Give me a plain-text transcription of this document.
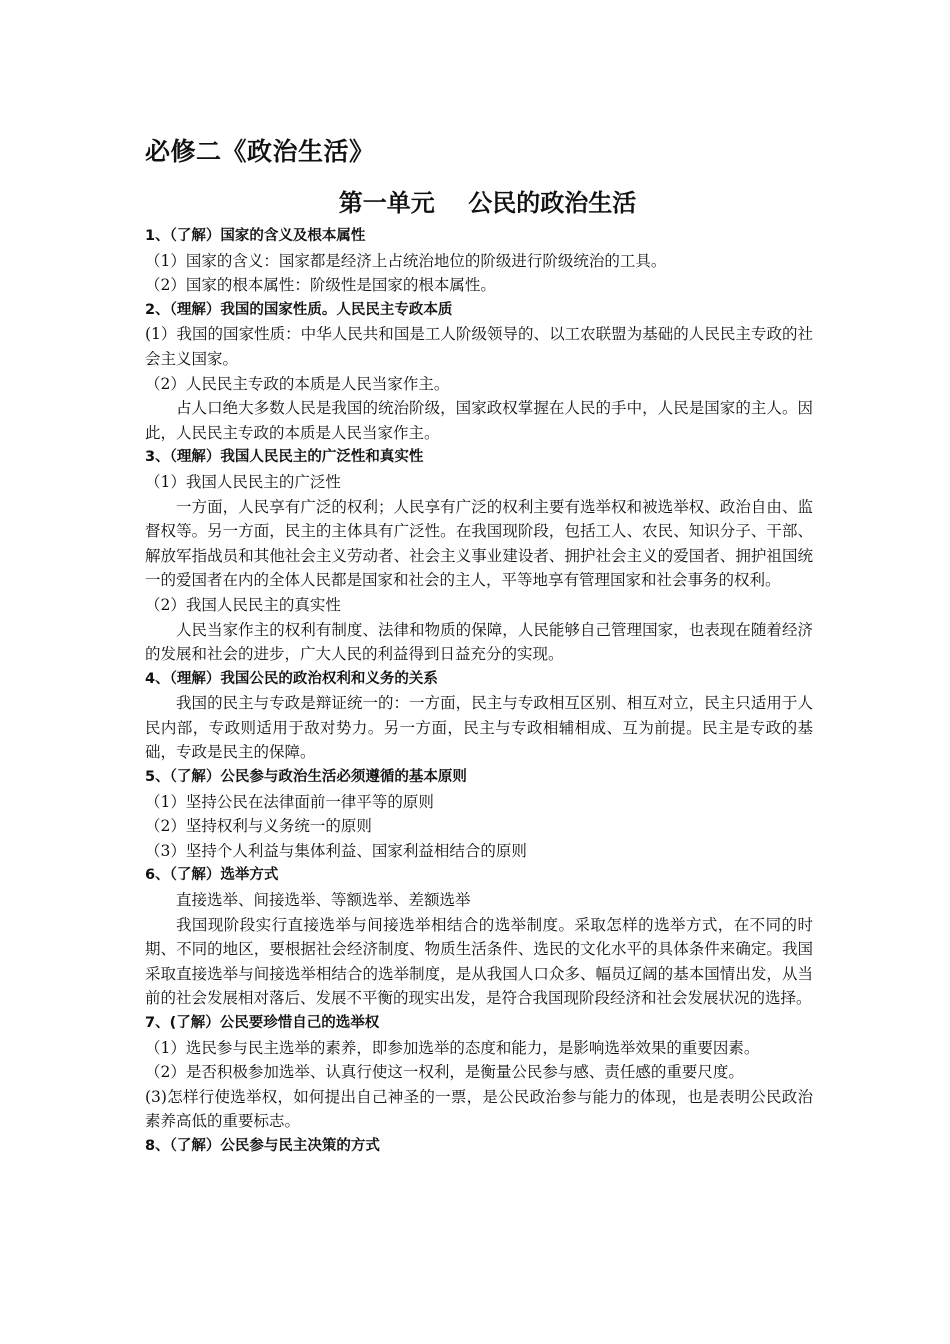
必修二《政治生活》
第一单元    公民的政治生活
1、（了解）国家的含义及根本属性
（1）国家的含义：国家都是经济上占统治地位的阶级进行阶级统治的工具。
（2）国家的根本属性：阶级性是国家的根本属性。
2、（理解）我国的国家性质。人民民主专政本质
(1）我国的国家性质：中华人民共和国是工人阶级领导的、以工农联盟为基础的人民民主专政的社会主义国家。
（2）人民民主专政的本质是人民当家作主。
占人口绝大多数人民是我国的统治阶级，国家政权掌握在人民的手中，人民是国家的主人。因此，人民民主专政的本质是人民当家作主。
3、（理解）我国人民民主的广泛性和真实性
（1）我国人民民主的广泛性
一方面，人民享有广泛的权利；人民享有广泛的权利主要有选举权和被选举权、政治自由、监督权等。另一方面，民主的主体具有广泛性。在我国现阶段，包括工人、农民、知识分子、干部、解放军指战员和其他社会主义劳动者、社会主义事业建设者、拥护社会主义的爱国者、拥护祖国统一的爱国者在内的全体人民都是国家和社会的主人，平等地享有管理国家和社会事务的权利。
（2）我国人民民主的真实性
人民当家作主的权利有制度、法律和物质的保障，人民能够自己管理国家，也表现在随着经济的发展和社会的进步，广大人民的利益得到日益充分的实现。
4、（理解）我国公民的政治权利和义务的关系
我国的民主与专政是辩证统一的：一方面，民主与专政相互区别、相互对立，民主只适用于人民内部，专政则适用于敌对势力。另一方面，民主与专政相辅相成、互为前提。民主是专政的基础，专政是民主的保障。
5、（了解）公民参与政治生活必须遵循的基本原则
（1）坚持公民在法律面前一律平等的原则
（2）坚持权利与义务统一的原则
（3）坚持个人利益与集体利益、国家利益相结合的原则
6、（了解）选举方式
直接选举、间接选举、等额选举、差额选举
我国现阶段实行直接选举与间接选举相结合的选举制度。采取怎样的选举方式，在不同的时期、不同的地区，要根据社会经济制度、物质生活条件、选民的文化水平的具体条件来确定。我国采取直接选举与间接选举相结合的选举制度，是从我国人口众多、幅员辽阔的基本国情出发，从当前的社会发展相对落后、发展不平衡的现实出发，是符合我国现阶段经济和社会发展状况的选择。
7、(了解）公民要珍惜自己的选举权
（1）选民参与民主选举的素养，即参加选举的态度和能力，是影响选举效果的重要因素。
（2）是否积极参加选举、认真行使这一权利，是衡量公民参与感、责任感的重要尺度。
(3)怎样行使选举权，如何提出自己神圣的一票，是公民政治参与能力的体现，也是表明公民政治素养高低的重要标志。
8、（了解）公民参与民主决策的方式
